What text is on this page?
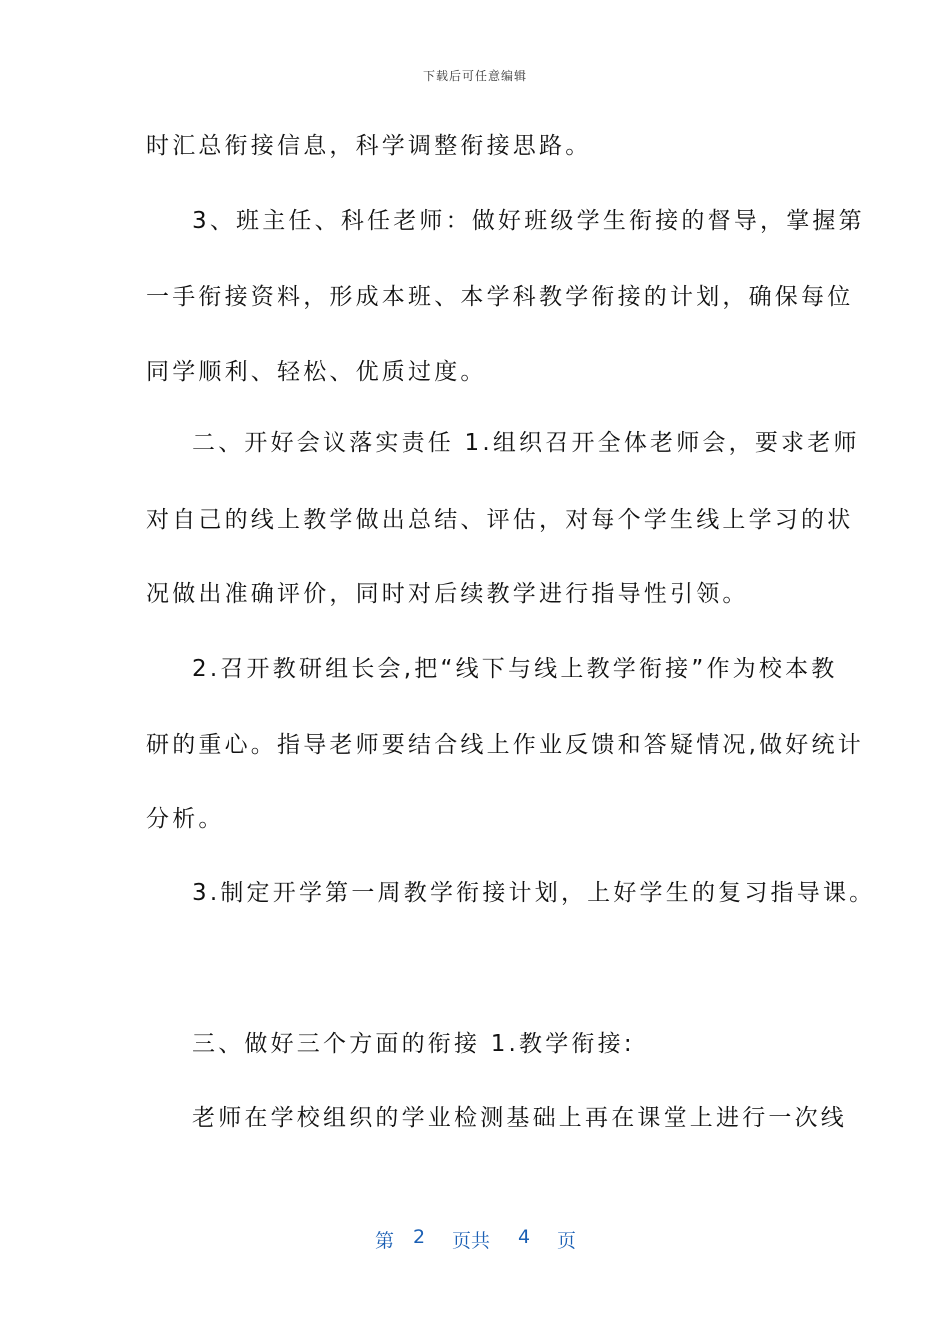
下载后可任意编辑
时汇总衔接信息，科学调整衔接思路。
3、班主任、科任老师：做好班级学生衔接的督导，掌握第
一手衔接资料，形成本班、本学科教学衔接的计划，确保每位
同学顺利、轻松、优质过度。
二、开好会议落实责任 1.组织召开全体老师会，要求老师
对自己的线上教学做出总结、评估，对每个学生线上学习的状
况做出准确评价，同时对后续教学进行指导性引领。
2.召开教研组长会,把“线下与线上教学衔接”作为校本教
研的重心。指导老师要结合线上作业反馈和答疑情况,做好统计
分析。
3.制定开学第一周教学衔接计划，上好学生的复习指导课。
三、做好三个方面的衔接 1.教学衔接:
老师在学校组织的学业检测基础上再在课堂上进行一次线
第 2 页共 4 页
